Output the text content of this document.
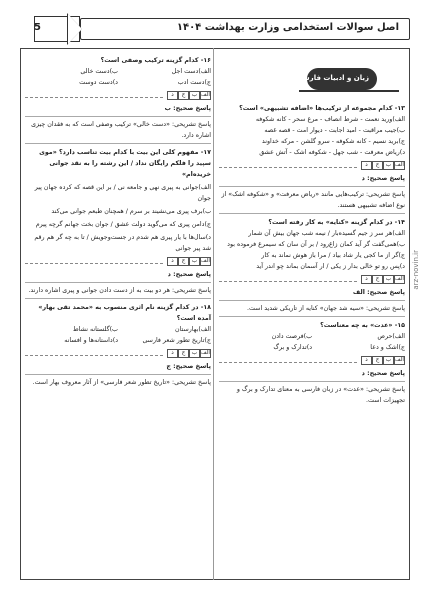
اصل سوالات استخدامی وزارت بهداشت ۱۴۰۴
5
زبان و ادبیات فارسی

۱۳- کدام مجموعه از ترکیب‌ها «اضافه تشبیهی» است؟

الف)ورید نعمت - شرط انصاف - مرغ سحر - کانه شکوفه

ب)جیب مراقبت - امید اجابت - دیوار امت - قصه غصه

ج)برید نسیم - کانه شکوفه - سرو گلشن - مرکه خداوند

د)ریاض معرفت - شب جهل - شکوفه اشک - آتش عشق

الف
ب
ج
د

پاسخ صحیح: د

پاسخ تشریحی: ترکیب‌هایی مانند «ریاض معرفت» و «شکوفه اشک» از نوع اضافه تشبیهی هستند.

۱۴- در کدام گزینه «کنایه» به کار رفته است؟

الف)هر سر ز جیم گسیده‌بار / نیمه شب جهان بیش آن شمار

ب)همی‌گفت گر آید کمان زاغ‌رود / بر آن سان که سیمرغ فرموده بود

ج)گر از ما کجی یار شاد بیاد / مرا باز هوش نماند به کار

د)پس رو تو خالی بدار ز یکی / ار آسمان بماند چو اندر آید

الف
ب
ج
د

پاسخ صحیح: الف

پاسخ تشریحی: «سیه شد جهان» کنایه از تاریکی شدید است.

۱۵- «عدت» به چه معناست؟

الف)حرص

ب)فرصت دادن

ج)اشک و دعا

د)تدارک و برگ

الف
ب
ج
د

پاسخ صحیح: د

پاسخ تشریحی: «عدت» در زبان فارسی به معنای تدارک و برگ و تجهیزات است.

۱۶- کدام گزینه ترکیب وصفی است؟

الف)دست اجل

ب)دست خالی

ج)دست ادب

د)دست دوست

الف
ب
ج
د

پاسخ صحیح: ب

پاسخ تشریحی: «دست خالی» ترکیب وصفی است که به فقدان چیزی اشاره دارد.

۱۷- مفهوم کلی این بیت با کدام بیت تناسب دارد؟ «موی سپید را فلکم رایگان نداد / این رشته را به نقد جوانی خریده‌ام»

الف)جوانی به پیری نهی و جامعه نی / بر این قصه که کرده جهان پیر جوان

ب)برف پیری می‌نشیند بر سرم / همچنان طبعم جوانی می‌کند

ج)دامن پیری که می‌گوید دولت عشق / جوان بخت جهانم گرچه پیرم

د)سال‌ها با یار پیری هم شدم در جست‌وجویش / تا به چه گر هم رقم شد پیر جوانی

الف
ب
ج
د

پاسخ صحیح: د

پاسخ تشریحی: هر دو بیت به از دست دادن جوانی و پیری اشاره دارند.

۱۸- در کدام گزینه نام اثری منسوب به «محمد تقی بهار» آمده است؟

الف)بهارستان

ب)گلستانه نشاط

ج)تاریخ تطور شعر فارسی

د)داستانه‌ها و افسانه

الف
ب
ج
د

پاسخ صحیح: ج

پاسخ تشریحی: «تاریخ تطور شعر فارسی» از آثار معروف بهار است.

arz-novin.ir
